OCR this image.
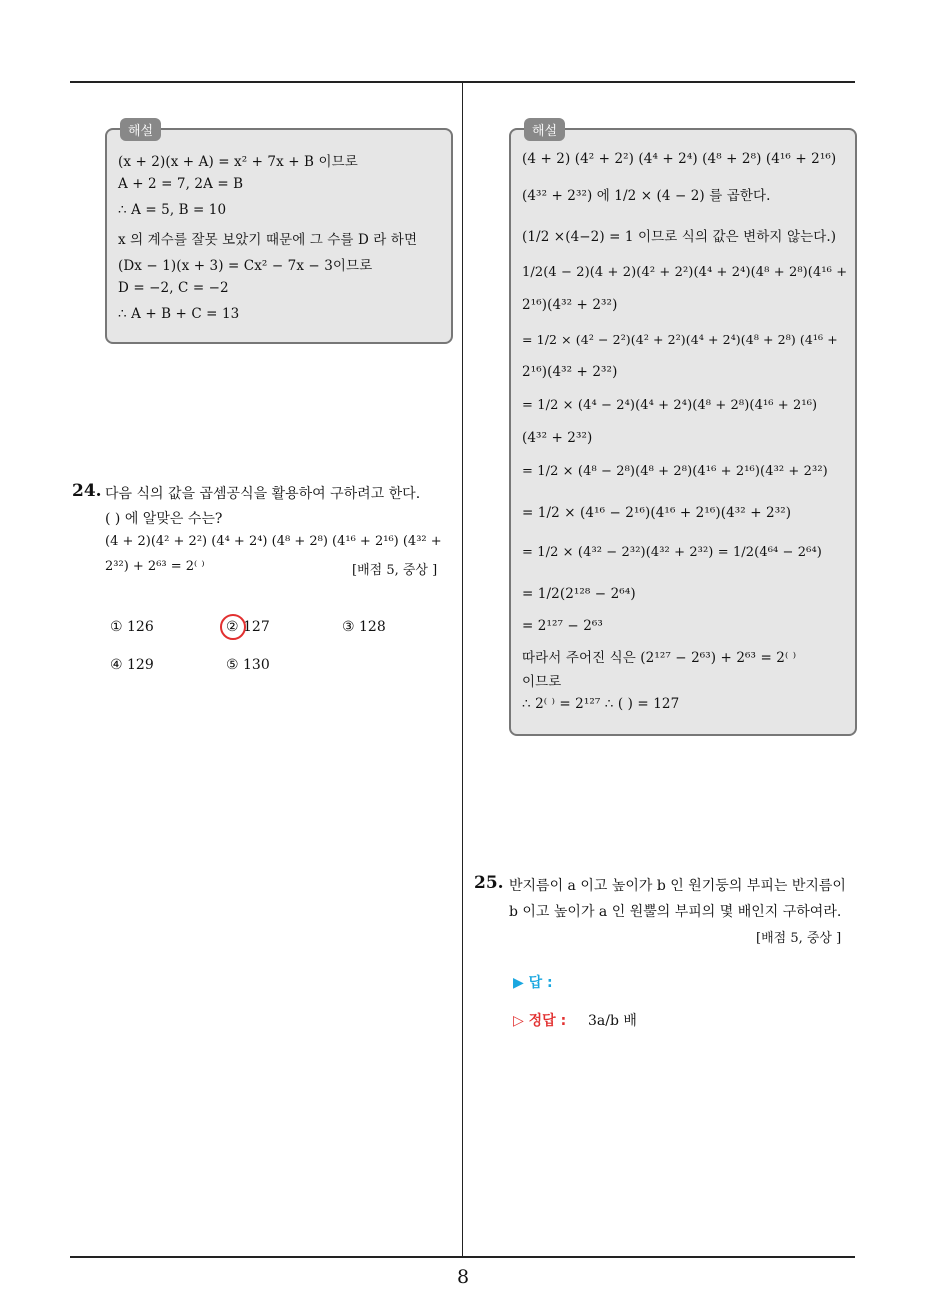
해설
(x + 2)(x + A) = x² + 7x + B 이므로
A + 2 = 7, 2A = B
∴ A = 5, B = 10
x 의 계수를 잘못 보았기 때문에 그 수를 D 라 하면
(Dx − 1)(x + 3) = Cx² − 7x − 3이므로
D = −2, C = −2
∴ A + B + C = 13
24. 다음 식의 값을 곱셈공식을 활용하여 구하려고 한다.
( ) 에 알맞은 수는?
(4 + 2)(4² + 2²) (4⁴ + 2⁴) (4⁸ + 2⁸) (4¹⁶ + 2¹⁶) (4³² +
2³²) + 2⁶³ = 2⁽ ⁾	[배점 5, 중상 ]
① 126	② 127	③ 128
④ 129	⑤ 130
해설
(4 + 2) (4² + 2²) (4⁴ + 2⁴) (4⁸ + 2⁸) (4¹⁶ + 2¹⁶)
(4³² + 2³²) 에 1/2 × (4 − 2) 를 곱한다.
(1/2 ×(4−2) = 1 이므로 식의 값은 변하지 않는다.)
1/2(4 − 2)(4 + 2)(4² + 2²)(4⁴ + 2⁴)(4⁸ + 2⁸)(4¹⁶ +
2¹⁶)(4³² + 2³²)
= 1/2 × (4² − 2²)(4² + 2²)(4⁴ + 2⁴)(4⁸ + 2⁸) (4¹⁶ +
2¹⁶)(4³² + 2³²)
= 1/2 × (4⁴ − 2⁴)(4⁴ + 2⁴)(4⁸ + 2⁸)(4¹⁶ + 2¹⁶)
(4³² + 2³²)
= 1/2 × (4⁸ − 2⁸)(4⁸ + 2⁸)(4¹⁶ + 2¹⁶)(4³² + 2³²)
= 1/2 × (4¹⁶ − 2¹⁶)(4¹⁶ + 2¹⁶)(4³² + 2³²)
= 1/2 × (4³² − 2³²)(4³² + 2³²) = 1/2(4⁶⁴ − 2⁶⁴)
= 1/2(2¹²⁸ − 2⁶⁴)
= 2¹²⁷ − 2⁶³
따라서 주어진 식은 (2¹²⁷ − 2⁶³) + 2⁶³ = 2⁽ ⁾
이므로
∴ 2⁽ ⁾ = 2¹²⁷ ∴ ( ) = 127
25. 반지름이 a 이고 높이가 b 인 원기둥의 부피는 반지름이
b 이고 높이가 a 인 원뿔의 부피의 몇 배인지 구하여라.
[배점 5, 중상 ]
▶ 답 :
▷ 정답 : 3a/b 배
8
